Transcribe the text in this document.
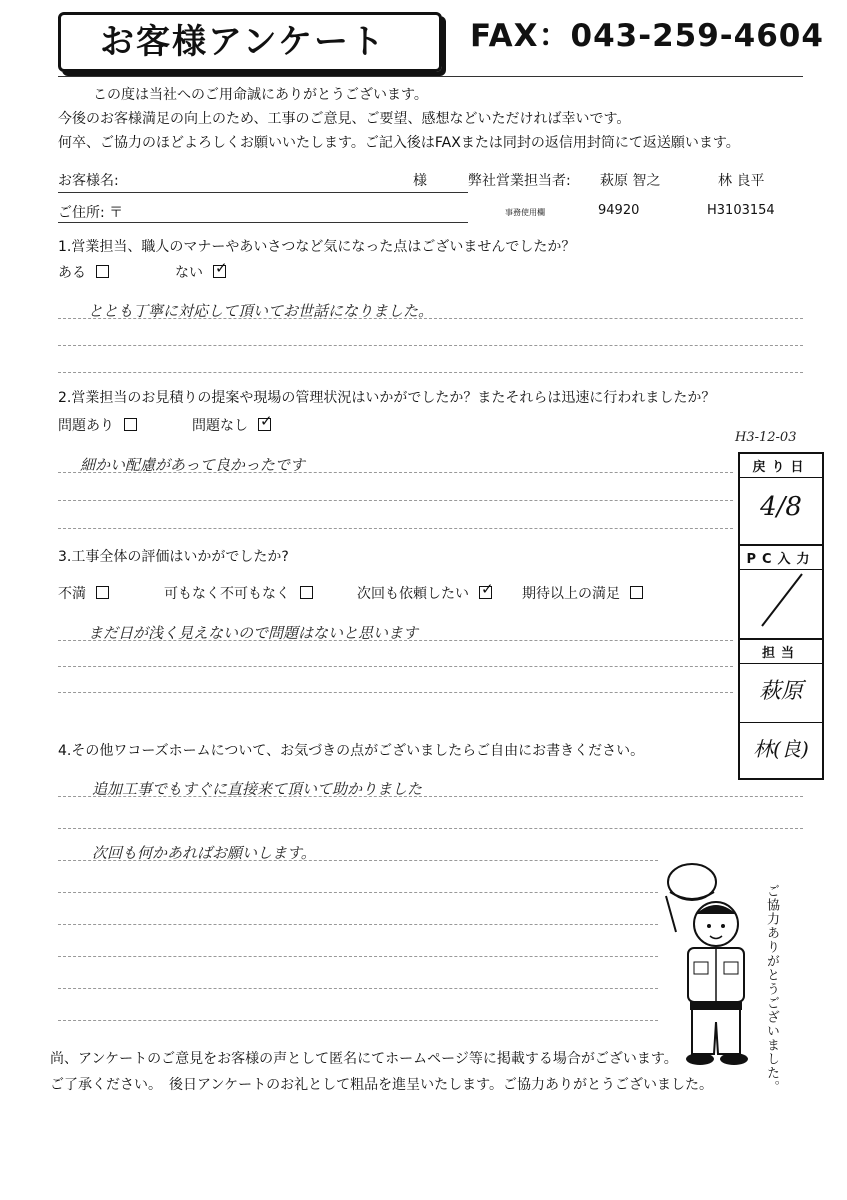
お客様アンケート	FAX：043-259-4604
この度は当社へのご用命誠にありがとうございます。
今後のお客様満足の向上のため、工事のご意見、ご要望、感想などいただければ幸いです。
何卒、ご協力のほどよろしくお願いいたします。ご記入後はFAXまたは同封の返信用封筒にて返送願います。
お客様名:	様	弊社営業担当者: 萩原 智之	林 良平
ご住所: 〒	事務使用欄	94920	H3103154
1.営業担当、職人のマナーやあいさつなど気になった点はございませんでしたか？
ある	ない✓
ととも丁寧に対応して頂いてお世話になりました。
2.営業担当のお見積りの提案や現場の管理状況はいかがでしたか？またそれらは迅速に行われましたか？
問題あり	問題なし✓
細かい配慮があって良かったです
3.工事全体の評価はいかがでしたか?
不満	可もなく不可もなく	次回も依頼したい✓	期待以上の満足
まだ日が浅く見えないので問題はないと思います
4.その他ワコーズホームについて、お気づきの点がございましたらご自由にお書きください。
追加工事でもすぐに直接来て頂いて助かりました
次回も何かあればお願いします。
H3-12-03
戻り日
4/8
PC入力
担当
萩原
林(良)
ご協力ありがとうございました。
尚、アンケートのご意見をお客様の声として匿名にてホームページ等に掲載する場合がございます。
ご了承ください。　後日アンケートのお礼として粗品を進呈いたします。ご協力ありがとうございました。
